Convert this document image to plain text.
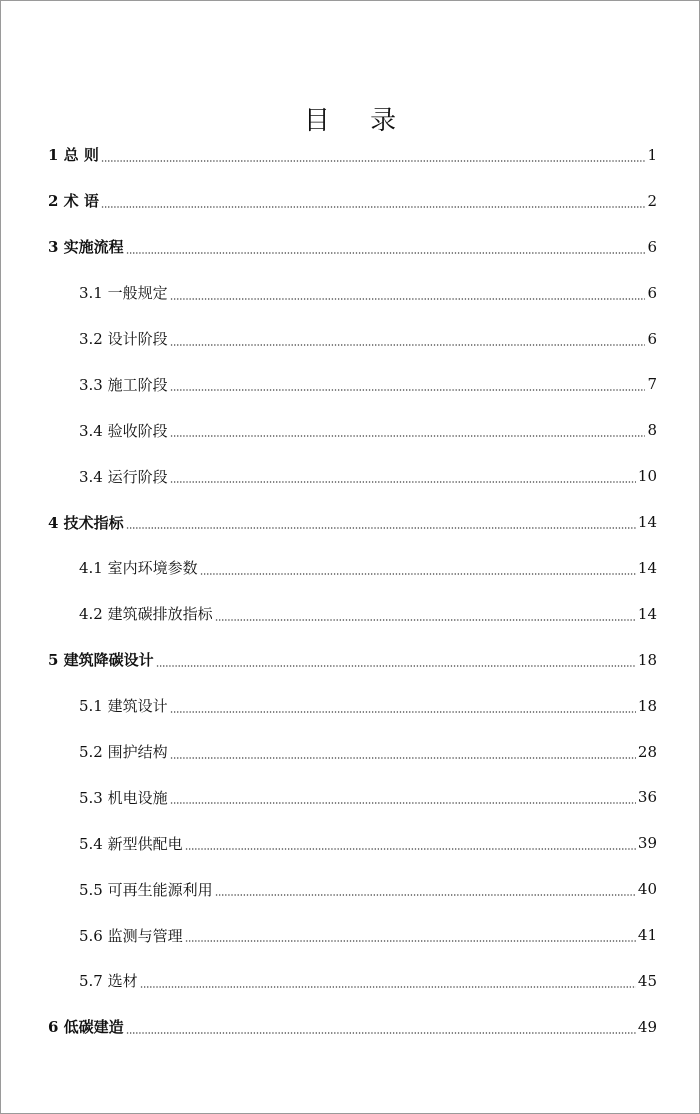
目 录
1 总 则	1
2 术 语	2
3 实施流程	6
3.1 一般规定	6
3.2 设计阶段	6
3.3 施工阶段	7
3.4 验收阶段	8
3.4 运行阶段	10
4 技术指标	14
4.1 室内环境参数	14
4.2 建筑碳排放指标	14
5 建筑降碳设计	18
5.1 建筑设计	18
5.2 围护结构	28
5.3 机电设施	36
5.4 新型供配电	39
5.5 可再生能源利用	40
5.6 监测与管理	41
5.7 选材	45
6 低碳建造	49
